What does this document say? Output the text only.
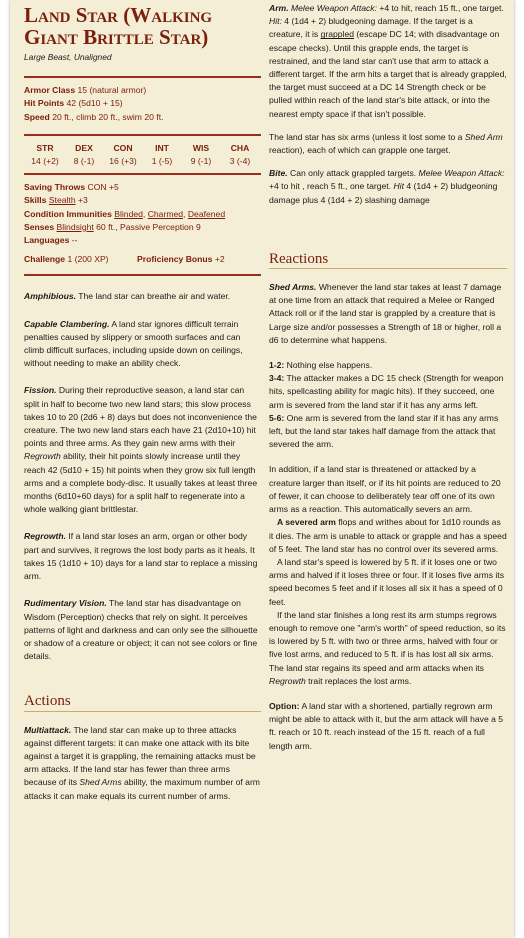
Land Star (Walking Giant Brittle Star)
Large Beast, Unaligned

Armor Class 15 (natural armor)

Hit Points 42 (5d10 + 15)

Speed 20 ft., climb 20 ft., swim 20 ft.

STR	DEX	CON	INT	WIS	CHA
14 (+2)	8 (-1)	16 (+3)	1 (-5)	9 (-1)	3 (-4)

Saving Throws CON +5

Skills Stealth +3

Condition Immunities Blinded, Charmed, Deafened

Senses Blindsight 60 ft., Passive Perception 9

Languages --

Challenge 1 (200 XP)	Proficiency Bonus +2

Amphibious. The land star can breathe air and water.

Capable Clambering. A land star ignores difficult terrain penalties caused by slippery or smooth surfaces and can climb difficult surfaces, including upside down on ceilings, without needing to make an ability check.

Fission. During their reproductive season, a land star can split in half to become two new land stars; this slow process takes 10 to 20 (2d6 + 8) days but does not inconvenience the creature. The two new land stars each have 21 (2d10+10) hit points and three arms. As they gain new arms with their Regrowth ability, their hit points slowly increase until they reach 42 (5d10 + 15) hit points when they grow six full length arms and a complete body-disc. It usually takes at least three months (6d10+60 days) for a split half to regenerate into a whole walking giant brittlestar.

Regrowth. If a land star loses an arm, organ or other body part and survives, it regrows the lost body parts as it heals. It takes 15 (1d10 + 10) days for a land star to replace a missing arm.

Rudimentary Vision. The land star has disadvantage on Wisdom (Perception) checks that rely on sight. It perceives patterns of light and darkness and can only see the silhouette or shadow of a creature or object; it can not see colors or fine details.

Actions

Multiattack. The land star can make up to three attacks against different targets: it can make one attack with its bite against a target it is grappling, the remaining attacks must be arm attacks. If the land star has fewer than three arms because of its Shed Arms ability, the maximum number of arm attacks it can make equals its current number of arms.

Arm. Melee Weapon Attack: +4 to hit, reach 15 ft., one target. Hit: 4 (1d4 + 2) bludgeoning damage. If the target is a creature, it is grappled (escape DC 14; with disadvantage on escape checks). Until this grapple ends, the target is restrained, and the land star can't use that arm to attack a different target. If the arm hits a target that is already grappled, the target must succeed at a DC 14 Strength check or be pulled within reach of the land star's bite attack, or into the nearest empty space if that isn't possible.

The land star has six arms (unless it lost some to a Shed Arm reaction), each of which can grapple one target.

Bite. Can only attack grappled targets. Melee Weapon Attack: +4 to hit , reach 5 ft., one target. Hit 4 (1d4 + 2) bludgeoning damage plus 4 (1d4 + 2) slashing damage

Reactions

Shed Arms. Whenever the land star takes at least 7 damage at one time from an attack that required a Melee or Ranged Attack roll or if the land star is grappled by a creature that is Large size and/or possesses a Strength of 18 or higher, roll a d6 to determine what happens.

1-2: Nothing else happens.

3-4: The attacker makes a DC 15 check (Strength for weapon hits, spellcasting ability for magic hits). If they succeed, one arm is severed from the land star if it has any arms left.

5-6: One arm is severed from the land star if it has any arms left, but the land star takes half damage from the attack that severed the arm.

In addition, if a land star is threatened or attacked by a creature larger than itself, or if its hit points are reduced to 20 of fewer, it can choose to deliberately tear off one of its own arms as a reaction. This automatically severs an arm.

A severed arm flops and writhes about for 1d10 rounds as it dies. The arm is unable to attack or grapple and has a speed of 5 feet. The land star has no control over its severed arms.

A land star's speed is lowered by 5 ft. if it loses one or two arms and halved if it loses three or four. If it loses five arms its speed becomes 5 feet and if it loses all six it has a speed of 0 feet.

If the land star finishes a long rest its arm stumps regrows enough to remove one "arm's worth" of speed reduction, so its is lowered by 5 ft. with two or three arms, halved with four or five lost arms, and reduced to 5 ft. if is has lost all six arms. The land star regains its speed and arm attacks when its Regrowth trait replaces the lost arms.

Option: A land star with a shortened, partially regrown arm might be able to attack with it, but the arm attack will have a 5 ft. reach or 10 ft. reach instead of the 15 ft. reach of a full length arm.
